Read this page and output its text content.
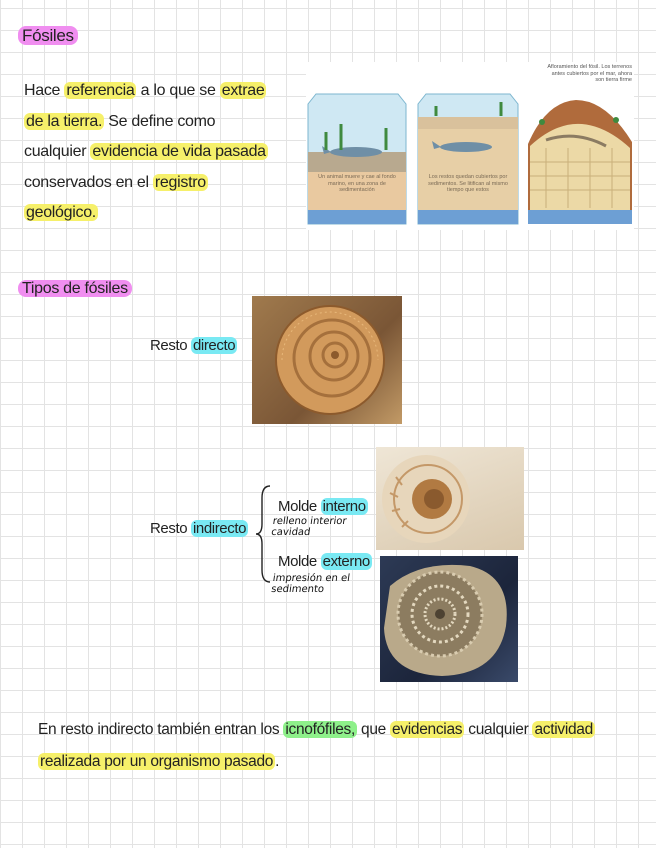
Fósiles
Hace referencia a lo que se extrae
de la tierra. Se define como
cualquier evidencia de vida pasada
conservados en el registro
geológico.
Un animal muere y cae al fondo marino, en una zona de sedimentación
Los restos quedan cubiertos por sedimentos. Se litifican al mismo tiempo que estos
Afloramiento del fósil. Los terrenos antes cubiertos por el mar, ahora son tierra firme
Tipos de fósiles
Resto directo
Resto indirecto
Molde interno
relleno interior cavidad
Molde externo
impresión en el sedimento
En resto indirecto también entran los icnofófiles, que evidencias cualquier actividad
realizada por un organismo pasado .
